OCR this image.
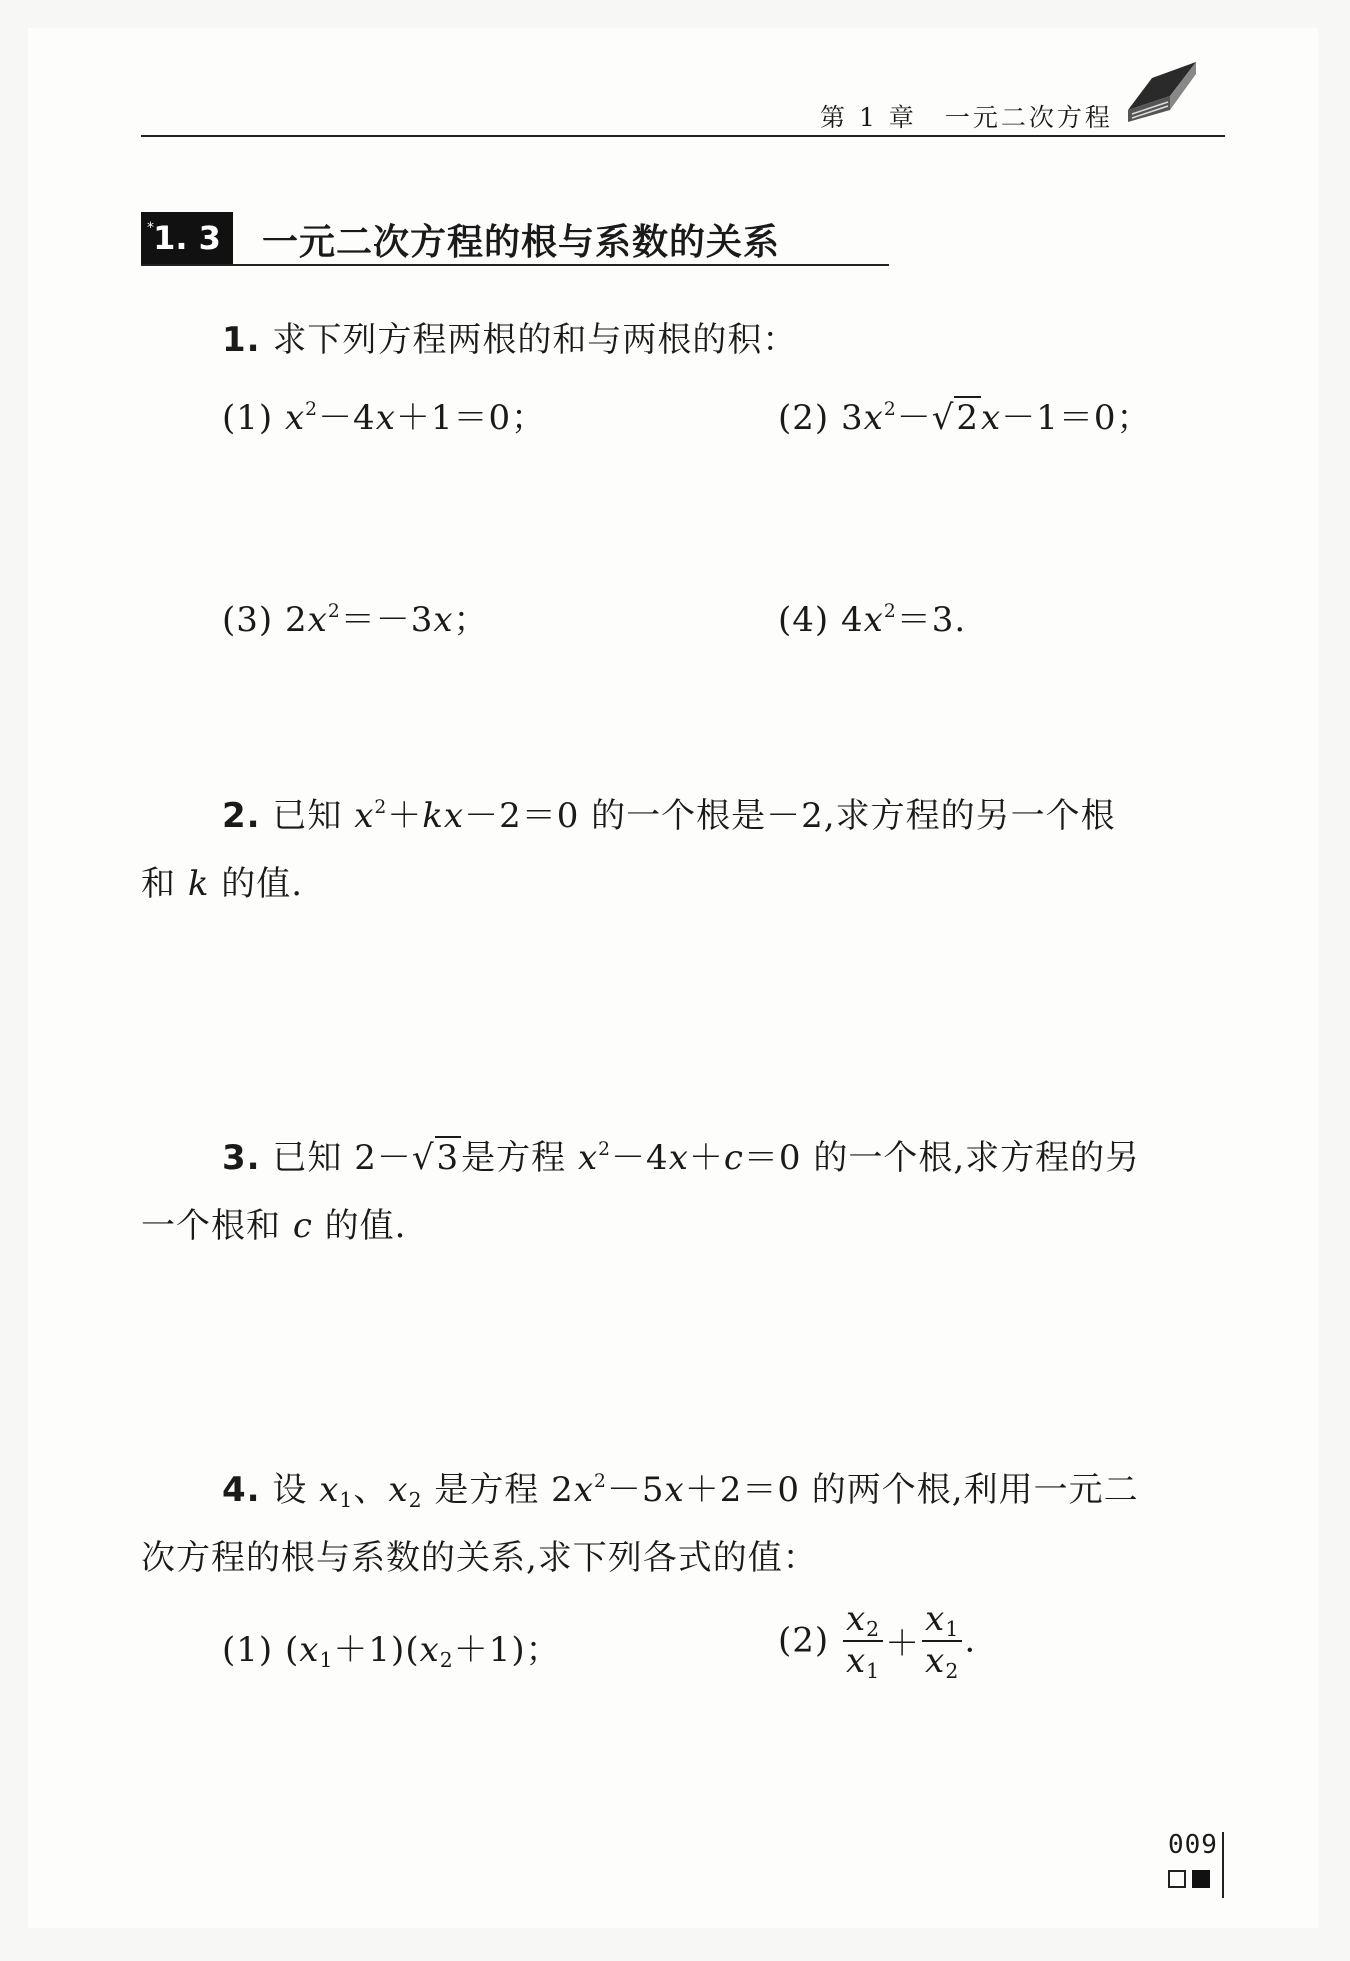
第 1 章 一元二次方程
* 1. 3	一元二次方程的根与系数的关系
1. 求下列方程两根的和与两根的积：
(1) $x^2-4x+1=0$；	(2) $3x^2-√2x-1=0$；
(3) $2x^2=-3x$；	(4) $4x^2=3$.
2. 已知 $x^2+kx-2=0$ 的一个根是－2,求方程的另一个根
和 k 的值.
3. 已知 2－√3是方程 $x^2-4x+c=0$ 的一个根,求方程的另
一个根和 c 的值.
4. 设 $x_1$、$x_2$ 是方程 $2x^2-5x+2=0$ 的两个根,利用一元二
次方程的根与系数的关系,求下列各式的值：
(1) $(x_1+1)(x_2+1)$；	$(2) \frac{x_2}{x_1} + \frac{x_1}{x_2}$ .
009
